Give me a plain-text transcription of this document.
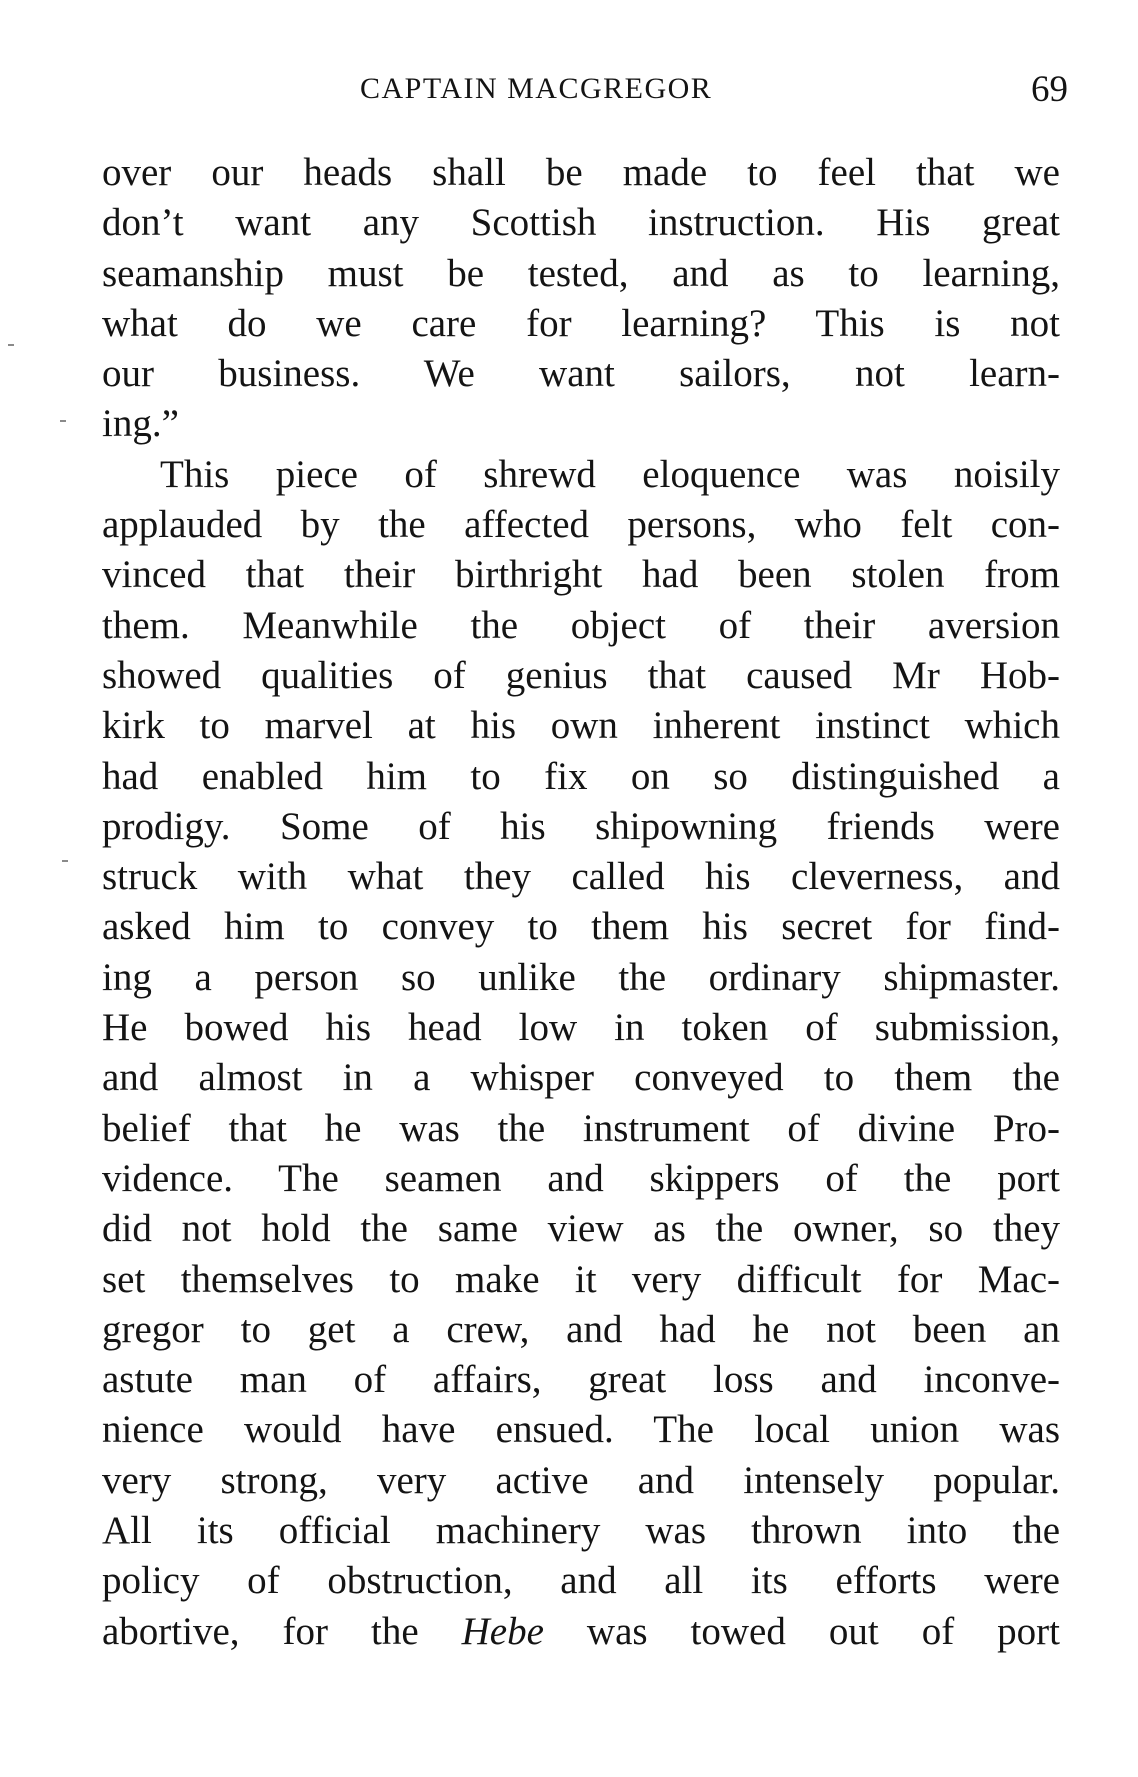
CAPTAIN MACGREGOR	69
over our heads shall be made to feel that we
don’t want any Scottish instruction. His great
seamanship must be tested, and as to learning,
what do we care for learning? This is not
our business. We want sailors, not learn-
ing.”
This piece of shrewd eloquence was noisily
applauded by the affected persons, who felt con-
vinced that their birthright had been stolen from
them. Meanwhile the object of their aversion
showed qualities of genius that caused Mr Hob-
kirk to marvel at his own inherent instinct which
had enabled him to fix on so distinguished a
prodigy. Some of his shipowning friends were
struck with what they called his cleverness, and
asked him to convey to them his secret for find-
ing a person so unlike the ordinary shipmaster.
He bowed his head low in token of submission,
and almost in a whisper conveyed to them the
belief that he was the instrument of divine Pro-
vidence. The seamen and skippers of the port
did not hold the same view as the owner, so they
set themselves to make it very difficult for Mac-
gregor to get a crew, and had he not been an
astute man of affairs, great loss and inconve-
nience would have ensued. The local union was
very strong, very active and intensely popular.
All its official machinery was thrown into the
policy of obstruction, and all its efforts were
abortive, for the Hebe was towed out of port
